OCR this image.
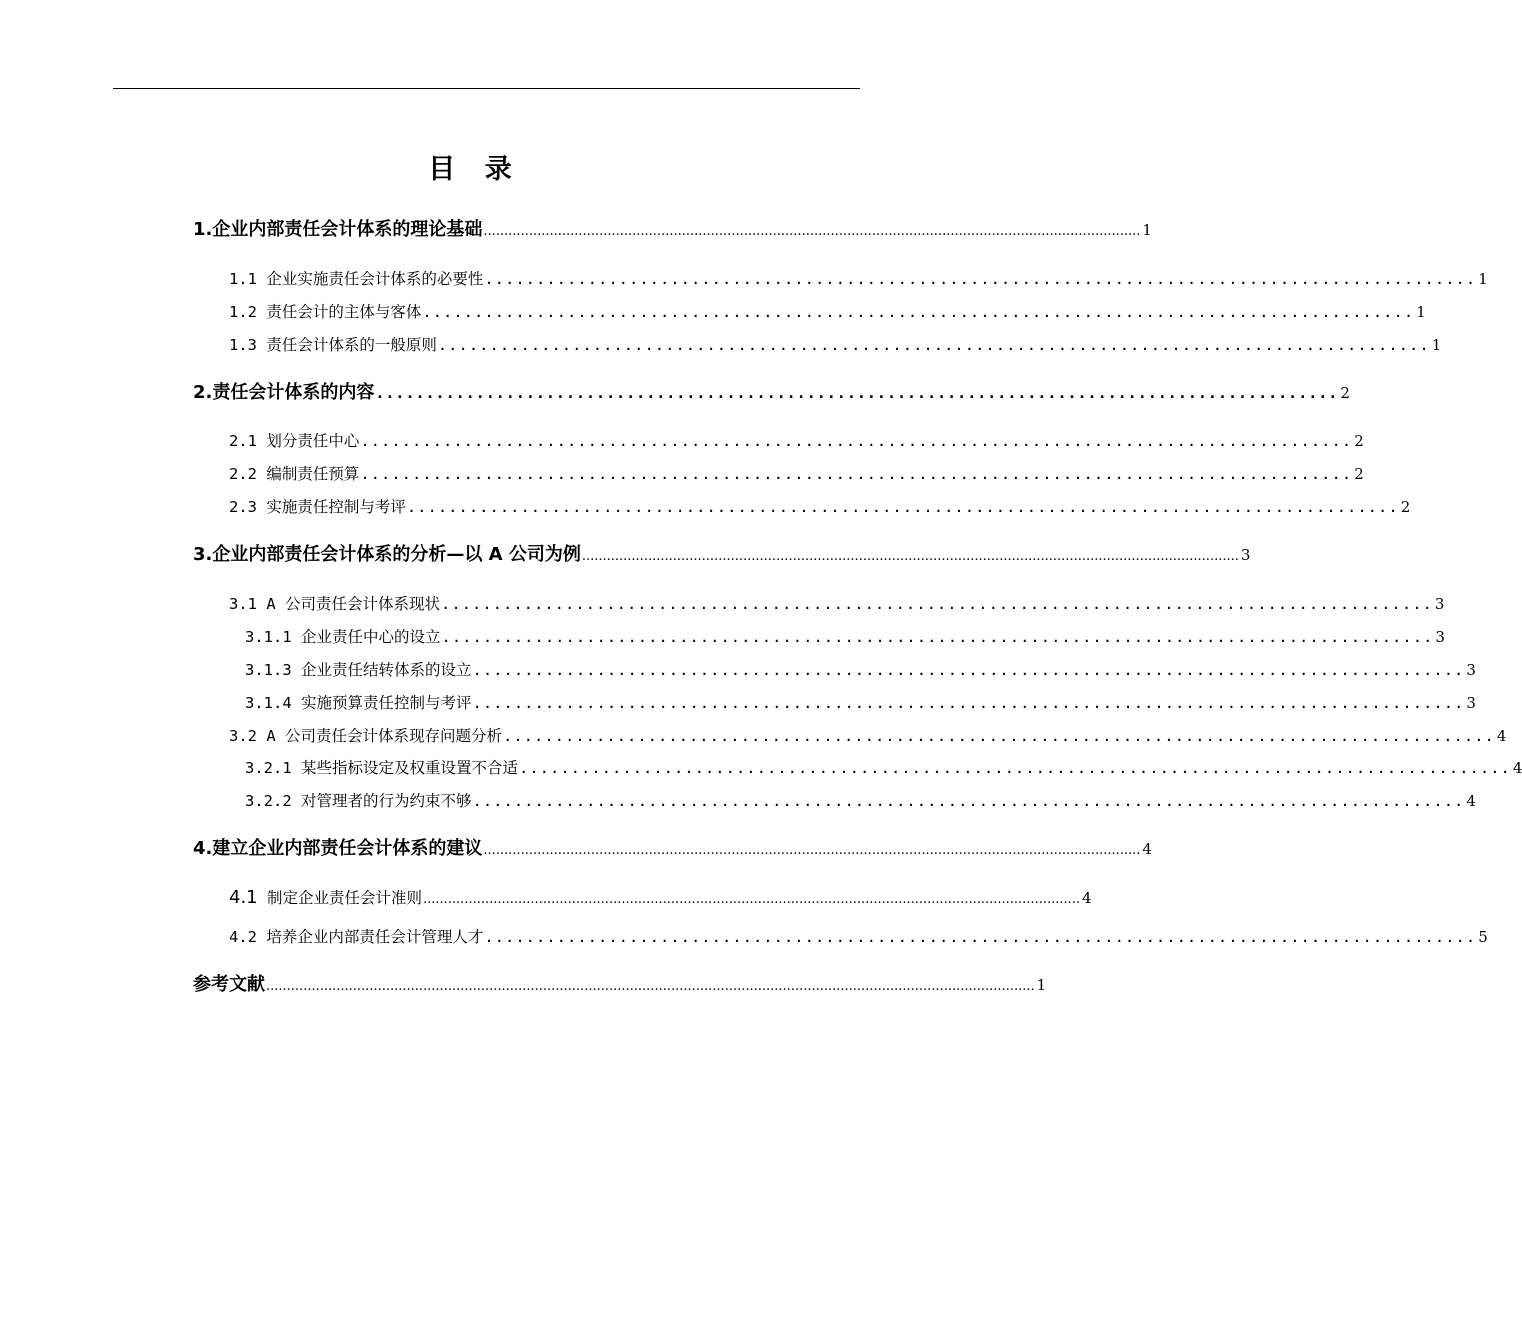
目 录
1.企业内部责任会计体系的理论基础 ............................................................................................................................................................... 1
1.1 企业实施责任会计体系的必要性 ................................................................................................ 1
1.2 责任会计的主体与客体 ................................................................................................ 1
1.3 责任会计体系的一般原则 ................................................................................................ 1
2.责任会计体系的内容 ................................................................................................ 2
2.1 划分责任中心 ................................................................................................ 2
2.2 编制责任预算 ................................................................................................ 2
2.3 实施责任控制与考评 ................................................................................................ 2
3.企业内部责任会计体系的分析—以 A 公司为例 ............................................................................................................................................................... 3
3.1 A 公司责任会计体系现状 ................................................................................................ 3
3.1.1 企业责任中心的设立 ................................................................................................ 3
3.1.3 企业责任结转体系的设立 ................................................................................................ 3
3.1.4 实施预算责任控制与考评 ................................................................................................ 3
3.2 A 公司责任会计体系现存问题分析 ................................................................................................ 4
3.2.1 某些指标设定及权重设置不合适 ................................................................................................ 4
3.2.2 对管理者的行为约束不够 ................................................................................................ 4
4.建立企业内部责任会计体系的建议 ............................................................................................................................................................... 4
4.1 制定企业责任会计准则 ............................................................................................................................................................... 4
4.2 培养企业内部责任会计管理人才 ................................................................................................ 5
参考文献 .......................................................................................................................................................................................... 1
